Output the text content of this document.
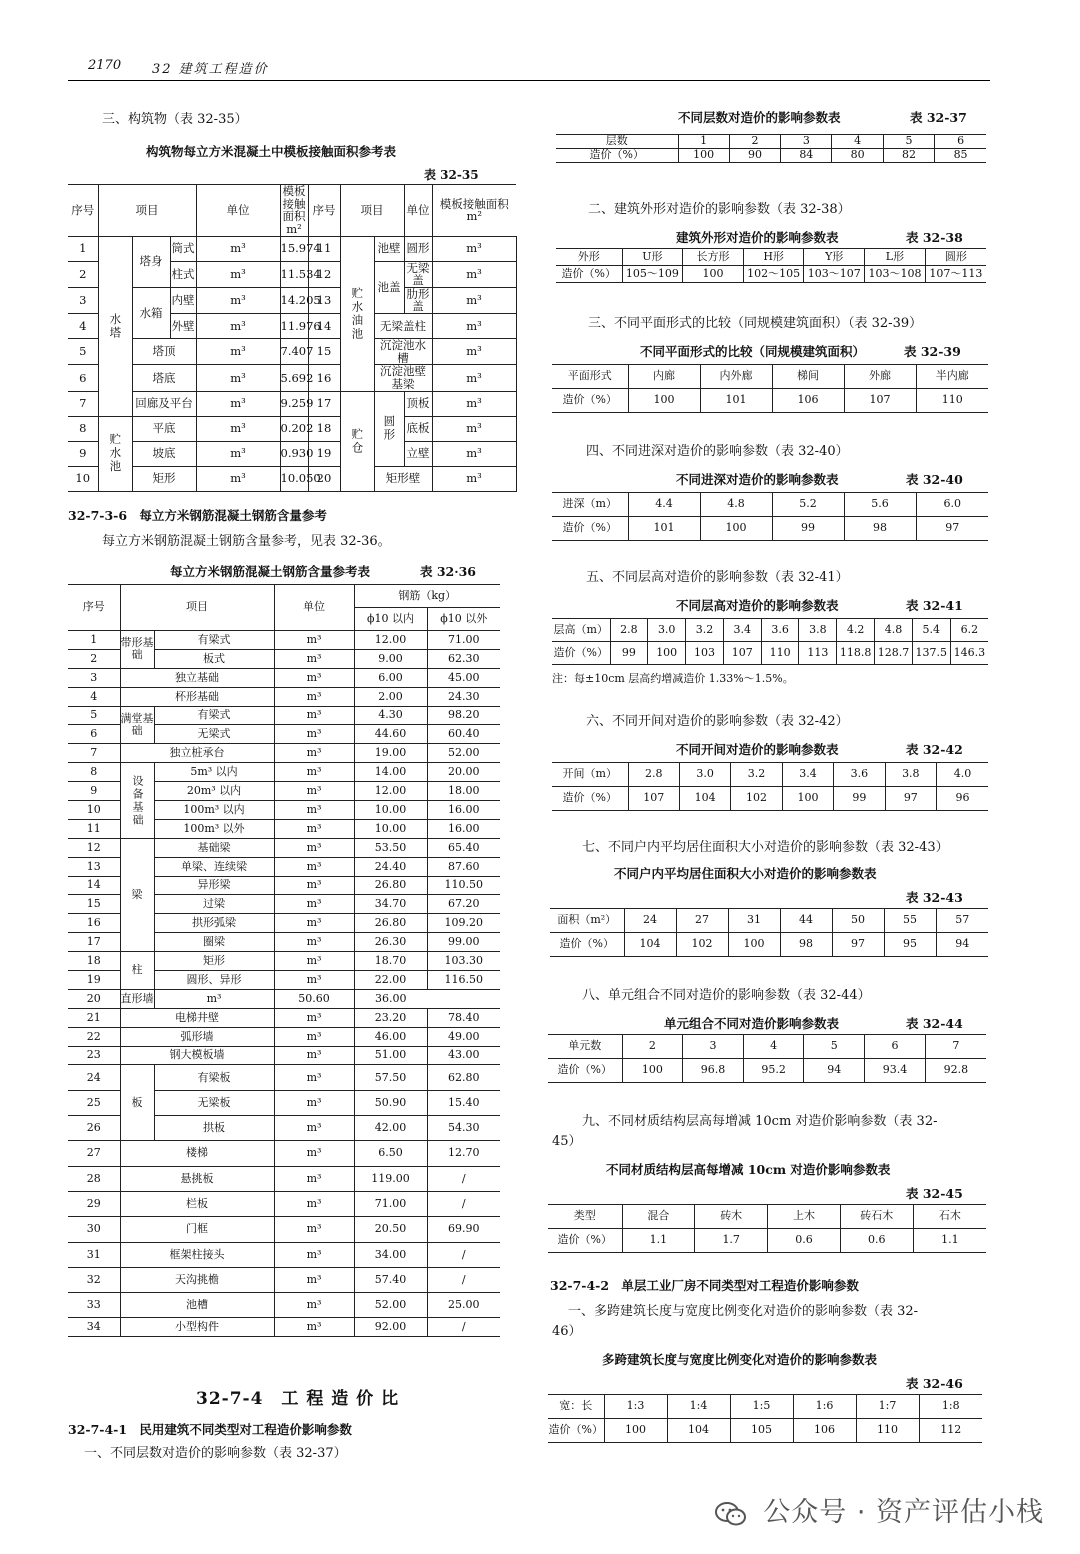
2170 32 建筑工程造价
三、构筑物（表 32-35）
构筑物每立方米混凝土中模板接触面积参考表
表 32-35
序号	项目			单位	模板接触面积 m²	序号	项目		单位	模板接触面积 m²	
1	水塔	塔身	筒式	m³	15.974	11	贮水油池	池壁	圆形	m³	
2			柱式	m³	11.534	12		池盖	无梁盖	m³	
3		水箱	内壁	m³	14.205	13			肋形盖	m³	
4			外壁	m³	11.976	14		无梁盖柱		m³	
5		塔顶		m³	7.407	15		沉淀池水槽		m³	
6		塔底		m³	5.692	16		沉淀池壁基梁		m³	
7		回廊及平台		m³	9.259	17	贮仓	圆形	顶板	m³	
8	贮水池	平底		m³	0.202	18			底板	m³	
9		坡底		m³	0.930	19			立壁	m³	
10		矩形		m³	10.050	20		矩形壁		m³	
32-7-3-6 每立方米钢筋混凝土钢筋含量参考
每立方米钢筋混凝土钢筋含量参考，见表 32-36。
每立方米钢筋混凝土钢筋含量参考表	表 32·36
序号	项目		单位	钢筋（kg）	
				ϕ10 以内	ϕ10 以外
1	带形基础	有梁式	m³	12.00	71.00
2		板式	m³	9.00	62.30
3	独立基础		m³	6.00	45.00
4	杯形基础		m³	2.00	24.30
5	满堂基础	有梁式	m³	4.30	98.20
6		无梁式	m³	44.60	60.40
7	独立桩承台		m³	19.00	52.00
8	设备基础	5m³ 以内	m³	14.00	20.00
9		20m³ 以内	m³	12.00	18.00
10		100m³ 以内	m³	10.00	16.00
11		100m³ 以外	m³	10.00	16.00
12	梁	基础梁	m³	53.50	65.40
13		单梁、连续梁	m³	24.40	87.60
14		异形梁	m³	26.80	110.50
15		过梁	m³	34.70	67.20
16		拱形弧梁	m³	26.80	109.20
17		圈梁	m³	26.30	99.00
18	柱	矩形	m³	18.70	103.30
19		圆形、异形	m³	22.00	116.50
20	直形墙	m³	50.60	36.00	
21	电梯井壁		m³	23.20	78.40
22	弧形墙		m³	46.00	49.00
23	钢大模板墙		m³	51.00	43.00
24	板	有梁板	m³	57.50	62.80
25		无梁板	m³	50.90	15.40
26		拱板	m³	42.00	54.30
27	楼梯		m³	6.50	12.70
28	悬挑板		m³	119.00	/
29	栏板		m³	71.00	/
30	门框		m³	20.50	69.90
31	框架柱接头		m³	34.00	/
32	天沟挑檐		m³	57.40	/
33	池槽		m³	52.00	25.00
34	小型构件		m³	92.00	/
32-7-4　工 程 造 价 比
32-7-4-1 民用建筑不同类型对工程造价影响参数
一、不同层数对造价的影响参数（表 32-37）
不同层数对造价的影响参数表	表 32-37
层数	1	2	3	4	5	6
造价（%）	100	90	84	80	82	85
二、建筑外形对造价的影响参数（表 32-38）
建筑外形对造价的影响参数表	表 32-38
外形	U形	长方形	H形	Y形	L形	圆形
造价（%）	105～109	100	102～105	103～107	103～108	107～113
三、不同平面形式的比较（同规模建筑面积）（表 32-39）
不同平面形式的比较（同规模建筑面积）	表 32-39
平面形式	内廊	内外廊	梯间	外廊	半内廊
造价（%）	100	101	106	107	110
四、不同进深对造价的影响参数（表 32-40）
不同进深对造价的影响参数表	表 32-40
进深（m）	4.4	4.8	5.2	5.6	6.0
造价（%）	101	100	99	98	97
五、不同层高对造价的影响参数（表 32-41）
不同层高对造价的影响参数表	表 32-41
层高（m）	2.8	3.0	3.2	3.4	3.6	3.8	4.2	4.8	5.4	6.2
造价（%）	99	100	103	107	110	113	118.8	128.7	137.5	146.3
注：每±10cm 层高约增减造价 1.33%～1.5%。
六、不同开间对造价的影响参数（表 32-42）
不同开间对造价的影响参数表	表 32-42
开间（m）	2.8	3.0	3.2	3.4	3.6	3.8	4.0
造价（%）	107	104	102	100	99	97	96
七、不同户内平均居住面积大小对造价的影响参数（表 32-43）
不同户内平均居住面积大小对造价的影响参数表
表 32-43
面积（m²）	24	27	31	44	50	55	57
造价（%）	104	102	100	98	97	95	94
八、单元组合不同对造价的影响参数（表 32-44）
单元组合不同对造价影响参数表	表 32-44
单元数	2	3	4	5	6	7
造价（%）	100	96.8	95.2	94	93.4	92.8
九、不同材质结构层高每增减 10cm 对造价影响参数（表 32-
45）
不同材质结构层高每增减 10cm 对造价影响参数表
表 32-45
类型	混合	砖木	上木	砖石木	石木
造价（%）	1.1	1.7	0.6	0.6	1.1
32-7-4-2 单层工业厂房不同类型对工程造价影响参数
一、多跨建筑长度与宽度比例变化对造价的影响参数（表 32-
46）
多跨建筑长度与宽度比例变化对造价的影响参数表
表 32-46
宽：长	1:3	1:4	1:5	1:6	1:7	1:8
造价（%）	100	104	105	106	110	112
公众号 · 资产评估小栈
